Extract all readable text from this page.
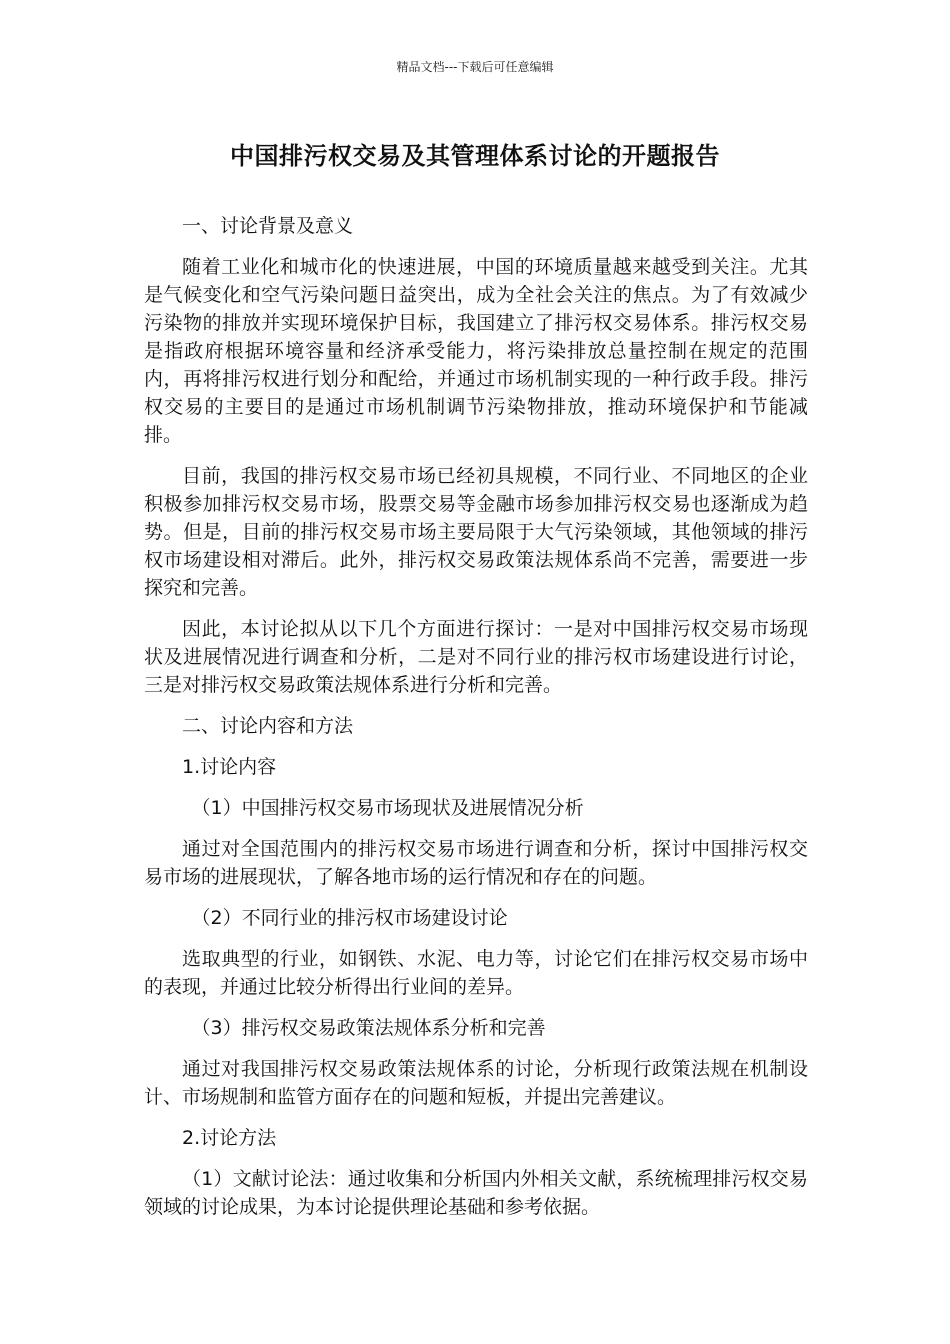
精品文档---下载后可任意编辑
中国排污权交易及其管理体系讨论的开题报告
一、讨论背景及意义

随着工业化和城市化的快速进展，中国的环境质量越来越受到关注。尤其是气候变化和空气污染问题日益突出，成为全社会关注的焦点。为了有效减少污染物的排放并实现环境保护目标，我国建立了排污权交易体系。排污权交易是指政府根据环境容量和经济承受能力，将污染排放总量控制在规定的范围内，再将排污权进行划分和配给，并通过市场机制实现的一种行政手段。排污权交易的主要目的是通过市场机制调节污染物排放，推动环境保护和节能减排。

目前，我国的排污权交易市场已经初具规模，不同行业、不同地区的企业积极参加排污权交易市场，股票交易等金融市场参加排污权交易也逐渐成为趋势。但是，目前的排污权交易市场主要局限于大气污染领域，其他领域的排污权市场建设相对滞后。此外，排污权交易政策法规体系尚不完善，需要进一步探究和完善。

因此，本讨论拟从以下几个方面进行探讨：一是对中国排污权交易市场现状及进展情况进行调查和分析，二是对不同行业的排污权市场建设进行讨论，三是对排污权交易政策法规体系进行分析和完善。

二、讨论内容和方法
1.讨论内容
（1）中国排污权交易市场现状及进展情况分析

通过对全国范围内的排污权交易市场进行调查和分析，探讨中国排污权交易市场的进展现状，了解各地市场的运行情况和存在的问题。

（2）不同行业的排污权市场建设讨论

选取典型的行业，如钢铁、水泥、电力等，讨论它们在排污权交易市场中的表现，并通过比较分析得出行业间的差异。

（3）排污权交易政策法规体系分析和完善

通过对我国排污权交易政策法规体系的讨论，分析现行政策法规在机制设计、市场规制和监管方面存在的问题和短板，并提出完善建议。

2.讨论方法

（1）文献讨论法：通过收集和分析国内外相关文献，系统梳理排污权交易领域的讨论成果，为本讨论提供理论基础和参考依据。
